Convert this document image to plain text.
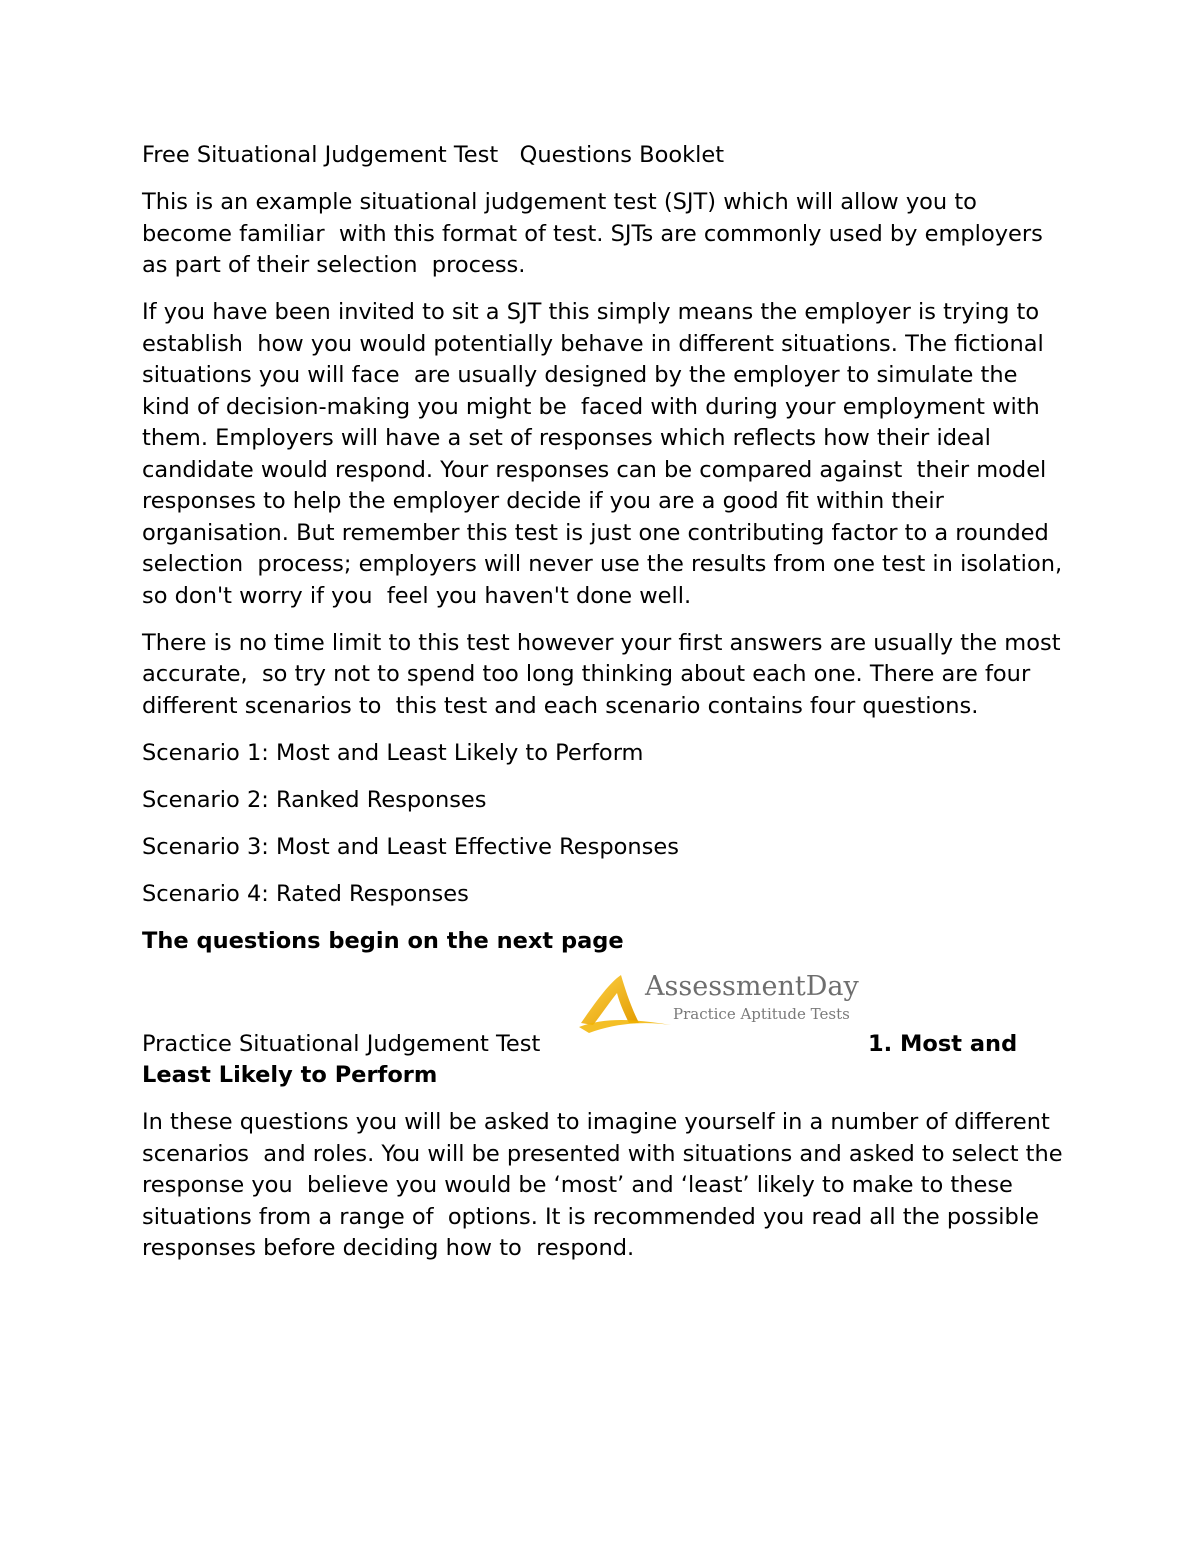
Free Situational Judgement Test   Questions Booklet

This is an example situational judgement test (SJT) which will allow you to become familiar  with this format of test. SJTs are commonly used by employers as part of their selection  process.

If you have been invited to sit a SJT this simply means the employer is trying to establish  how you would potentially behave in different situations. The fictional situations you will face  are usually designed by the employer to simulate the kind of decision-making you might be  faced with during your employment with them. Employers will have a set of responses which reflects how their ideal candidate would respond. Your responses can be compared against  their model responses to help the employer decide if you are a good fit within their  organisation. But remember this test is just one contributing factor to a rounded selection  process; employers will never use the results from one test in isolation, so don't worry if you  feel you haven't done well.

There is no time limit to this test however your first answers are usually the most accurate,  so try not to spend too long thinking about each one. There are four different scenarios to  this test and each scenario contains four questions.

Scenario 1: Most and Least Likely to Perform

Scenario 2: Ranked Responses

Scenario 3: Most and Least Effective Responses

Scenario 4: Rated Responses

The questions begin on the next page

AssessmentDay
Practice Aptitude Tests
Practice Situational Judgement Test	1. Most and

Least Likely to Perform

In these questions you will be asked to imagine yourself in a number of different scenarios  and roles. You will be presented with situations and asked to select the response you  believe you would be ‘most’ and ‘least’ likely to make to these situations from a range of  options. It is recommended you read all the possible responses before deciding how to  respond.
